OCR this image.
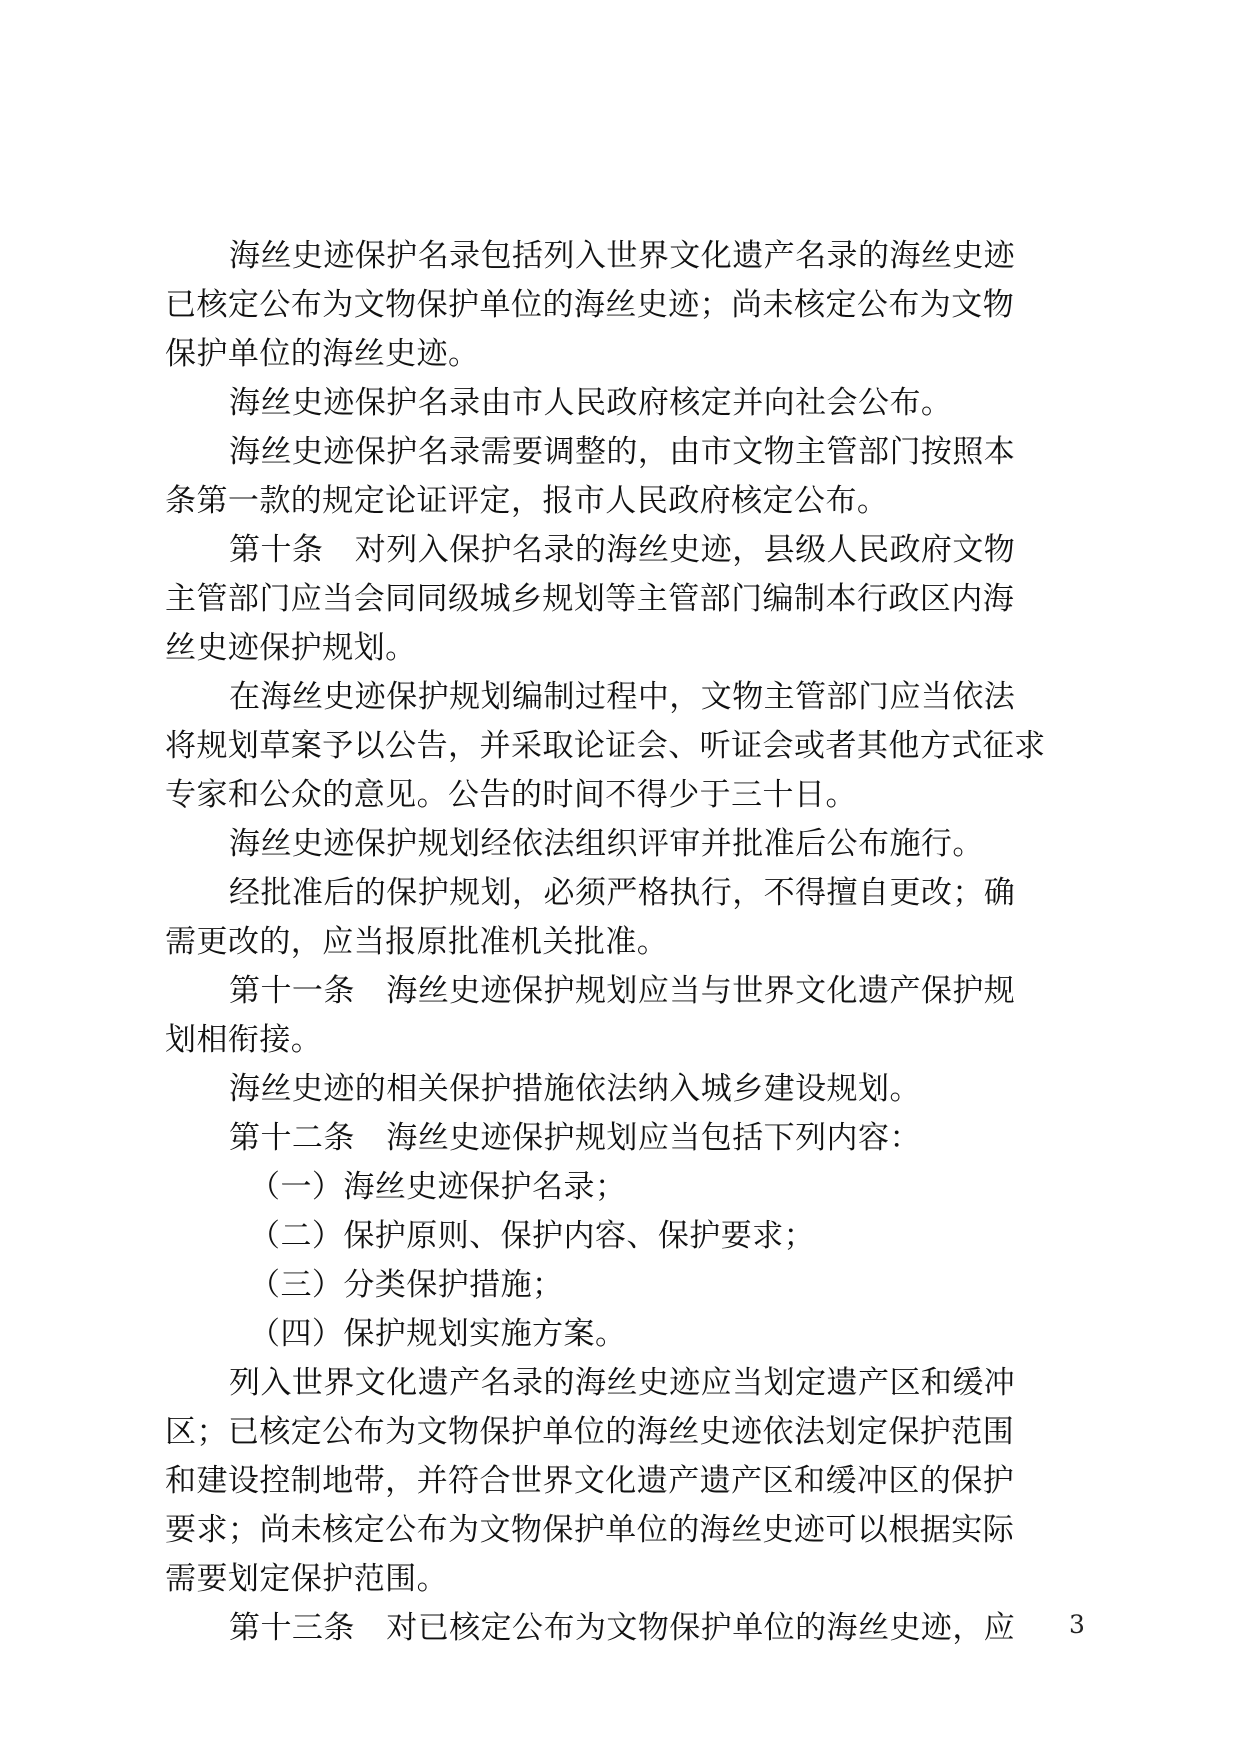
海丝史迹保护名录包括列入世界文化遗产名录的海丝史迹
已核定公布为文物保护单位的海丝史迹；尚未核定公布为文物
保护单位的海丝史迹。
海丝史迹保护名录由市人民政府核定并向社会公布。
海丝史迹保护名录需要调整的，由市文物主管部门按照本
条第一款的规定论证评定，报市人民政府核定公布。
第十条　对列入保护名录的海丝史迹，县级人民政府文物
主管部门应当会同同级城乡规划等主管部门编制本行政区内海
丝史迹保护规划。
在海丝史迹保护规划编制过程中，文物主管部门应当依法
将规划草案予以公告，并采取论证会、听证会或者其他方式征求
专家和公众的意见。公告的时间不得少于三十日。
海丝史迹保护规划经依法组织评审并批准后公布施行。
经批准后的保护规划，必须严格执行，不得擅自更改；确
需更改的，应当报原批准机关批准。
第十一条　海丝史迹保护规划应当与世界文化遗产保护规
划相衔接。
海丝史迹的相关保护措施依法纳入城乡建设规划。
第十二条　海丝史迹保护规划应当包括下列内容：
（一）海丝史迹保护名录；
（二）保护原则、保护内容、保护要求；
（三）分类保护措施；
（四）保护规划实施方案。
列入世界文化遗产名录的海丝史迹应当划定遗产区和缓冲
区；已核定公布为文物保护单位的海丝史迹依法划定保护范围
和建设控制地带，并符合世界文化遗产遗产区和缓冲区的保护
要求；尚未核定公布为文物保护单位的海丝史迹可以根据实际
需要划定保护范围。
第十三条　对已核定公布为文物保护单位的海丝史迹，应	3
